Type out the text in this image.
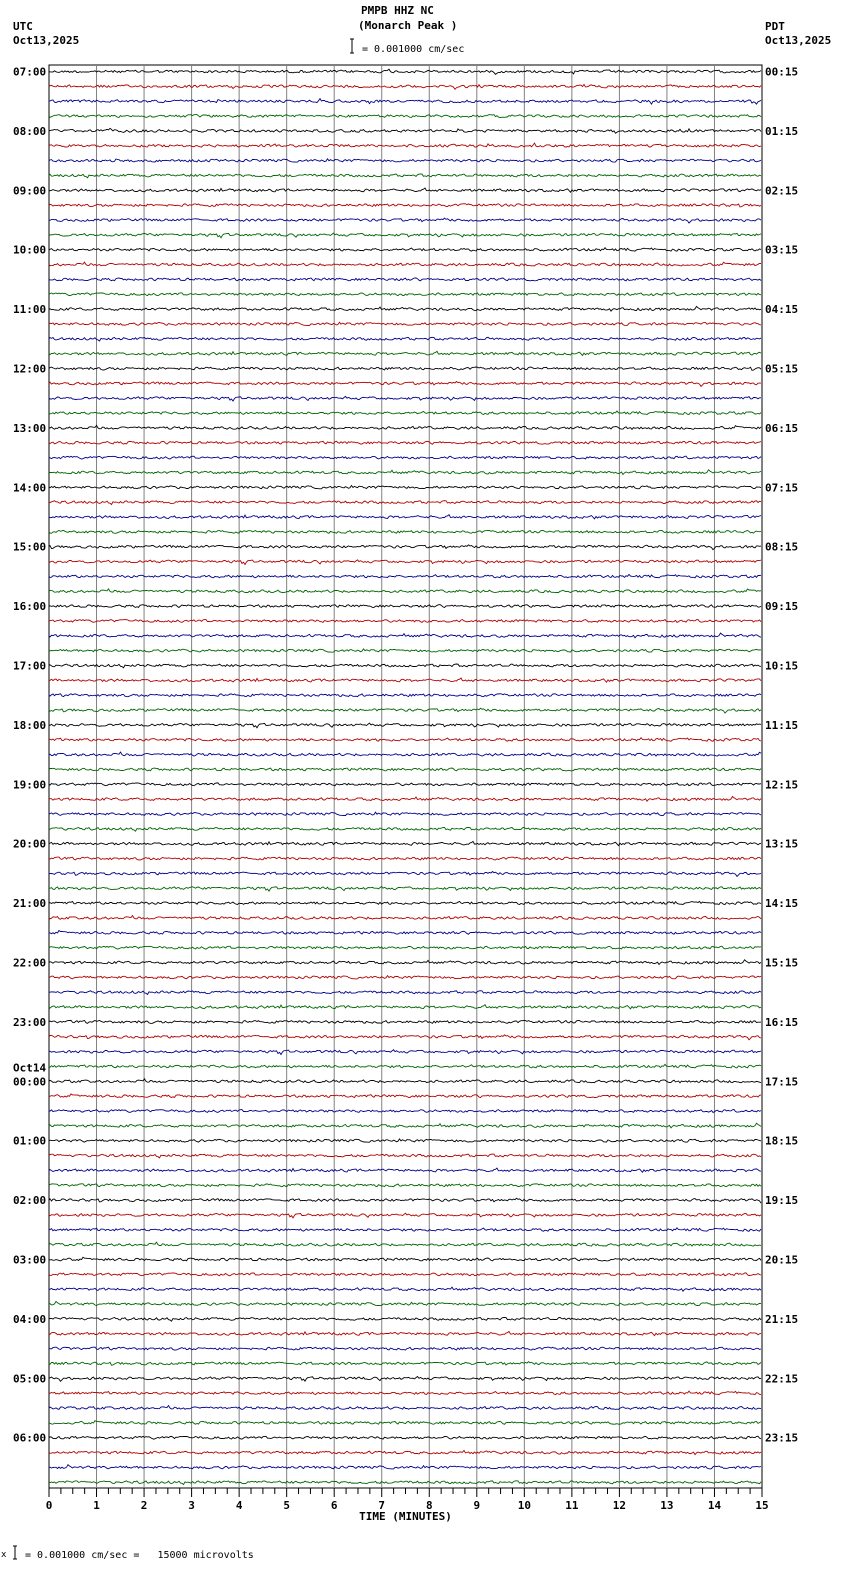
PMPB HHZ NC
(Monarch Peak )
= 0.001000 cm/sec
UTC
Oct13,2025
PDT
Oct13,2025
x = 0.001000 cm/sec =   15000 microvolts
07:00	00:15
08:00	01:15
09:00	02:15
10:00	03:15
11:00	04:15
12:00	05:15
13:00	06:15
14:00	07:15
15:00	08:15
16:00	09:15
17:00	10:15
18:00	11:15
19:00	12:15
20:00	13:15
21:00	14:15
22:00	15:15
23:00	16:15
00:00	17:15
01:00	18:15
02:00	19:15
03:00	20:15
04:00	21:15
05:00	22:15
06:00	23:15
Oct14
0	1	2	3	4	5	6	7	8	9	10	11	12	13	14	15
TIME (MINUTES)
